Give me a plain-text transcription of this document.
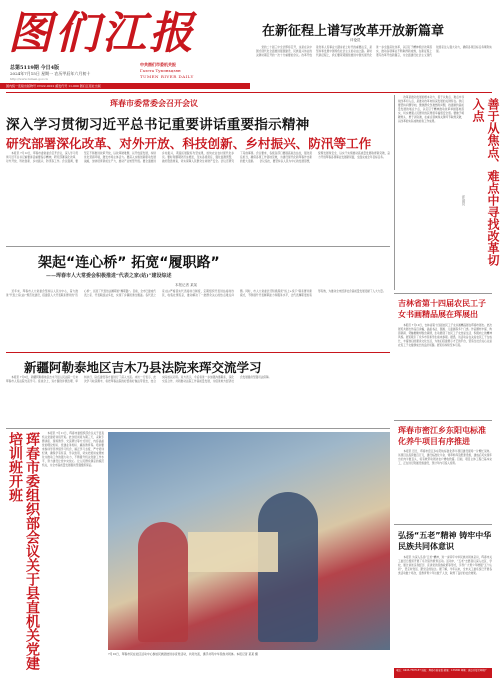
图们江报
总第5119期 今日4版
2024年7月15日 星期一 农历甲辰年六月初十
中共图们市委机关报
Газета Тумэньцзян
TUMEN RIVER DAILY
http://www.tumen.gov.cn
国内统一连续出版物号 CN22-0012 邮发代号 11-000 图们江报社出版
在新征程上谱写改革开放新篇章
评论员
　　党的二十届三中全会即将召开，这是在以中国式现代化全面推进强国建设、民族复兴伟业的关键时期召开的一次十分重要的会议。改革开放是党和人民事业大踏步赶上时代的重要法宝，是坚持和发展中国特色社会主义的必由之路。新时代新征程上，我们要紧紧围绕推进中国式现代化进一步全面深化改革，以钉钉子精神抓好改革落实，推动各项事业不断取得新成效，在新征程上谱写改革开放新篇章，为全面建设社会主义现代化国家注入强大动力，确保各项目标任务顺利实现。
珲春市委常委会召开会议
深入学习贯彻习近平总书记重要讲话重要指示精神
研究部署深化改革、对外开放、科技创新、乡村振兴、防汛等工作
　　本报讯 7月12日，珲春市委常委会召开会议，深入学习贯彻习近平总书记重要讲话重要指示精神，研究部署深化改革、对外开放、科技创新、乡村振兴、防汛等工作。会议强调，要坚定不移推进改革开放，以改革破难题、以开放促发展，持续优化营商环境，激发市场主体活力。要深入实施创新驱动发展战略，加快培育新质生产力，推动产业转型升级。要全面推进乡村振兴，巩固拓展脱贫攻坚成果，加快农业农村现代化步伐。要时刻绷紧防汛这根弦，压实各级责任，强化监测预警，做好隐患排查，切实保障人民群众生命财产安全。会议还研究了其他事项。会议要求，各级各部门要提高政治站位，强化责任担当，确保各项工作落地见效，为建设现代化新珲春作出新的更大贡献。　　会议指出，要坚持以人民为中心的发展思想，统筹发展和安全，以实干实绩推动高质量发展取得新突破，奋力开创珲春各项事业发展新局面，全面完成全年目标任务。
　　改革是推动发展的根本动力，善于从焦点、难点中寻找改革切入点，是推动改革向纵深发展的关键所在。我们要坚持问题导向，聚焦群众急难愁盼问题，找准制约高质量发展的堵点卡点，以钉钉子精神推动改革举措落地落实，切实增强人民群众的获得感幸福感安全感。要敢于啃硬骨头、勇于涉险滩，在重点领域和关键环节取得突破，以改革的实际成效检验工作成果。	善于从焦点、难点中寻找改革切入点
评论员
架起“连心桥” 拓宽“履职路”
——珲春市人大常委会积极推进“代表之家(站)”建设综述
本报记者 某某
　　近年来，珲春市人大常委会坚持以人民为中心，着力推进“代表之家(站)”规范化建设，搭建起人大代表联系群众的“连心桥”，拓宽了代表依法履职的“履职路”。目前，全市已建成代表之家、代表联络站多处，实现了乡镇街道全覆盖。各代表之家(站)严格落实代表接待日制度，定期组织代表进站接待选民，收集社情民意，推动解决了一批群众关心的热点难点问题。同时，市人大常委会还积极探索“线上+线下”联系群众新模式，不断提升代表履职能力和服务水平，让代表履职更加有形有效，为推动全市经济社会高质量发展贡献了人大力量。
吉林省第十四届农民工子女书画精品展在珲展出
　　本报讯 7月10日，吉林省第十四届农民工子女书画精品展在珲春市展出。此次展览共展出作品百余幅，涵盖书法、国画、儿童画等多个门类。作品题材丰富、构思新颖、笔触稚嫩却饱含真情，生动展现了农民工子女热爱生活、积极向上的精神风貌。展览吸引了众多市民和学生前来参观。据悉，该活动旨在关爱农民工子女成长，丰富他们的课余文化生活，为他们搭建展示才艺的平台，营造全社会关心关爱农民工子女健康成长的良好氛围。展览将持续至本月底。
新疆阿勒泰地区吉木乃县法院来珲交流学习
　　本报讯 7月9日，新疆阿勒泰地区吉木乃县人民法院一行来珲春市人民法院交流学习。座谈会上，双方围绕诉源治理、审判执行、队伍建设等方面进行了深入交流。来访一行表示，此次学习收获颇丰，将把珲春法院的好经验好做法带回去，结合实际加以运用。双方表示，今后将进一步加强沟通联系，深化交流合作，共同推动法院工作高质量发展，为促进地方经济社会发展提供坚强司法保障。
珲春市委组织部会议关于县直机关党建培训班开班	　　本报讯 7月11日，珲春市委组织部会议关于县直机关党建培训班开班。此次培训班为期三天，采取专题讲座、现场教学、交流研讨等方式进行，内容涵盖党的理论知识、党建业务知识、廉政教育等。培训要求参训学员珍惜学习机会，端正学习态度，严守培训纪律，确保学有所获、学以致用，切实把培训成果转化为推动工作的强大动力，不断提升机关党建工作水平，努力建设让党中央放心、让人民群众满意的模范机关，为全市高质量发展提供坚强组织保证。
7月10日，珲春市民在社区活动中心参加民族团结进步宣传活动，共同交流，携手共筑中华民族共同体。本报记者 某某 摄
珲春市密江乡东阳屯标准化养牛项目有序推进
　　本报讯 近日，珲春市密江乡东阳屯标准化养牛项目建设现场一片繁忙景象。该项目总投资数百万元，建设标准化牛舍、饲草料库及配套设施，建成后可实现年出栏肉牛数百头，将有效带动周边农户增收致富。目前，项目主体工程已基本完工，正在进行附属设施建设，预计年内可投入使用。
弘扬“五老”精神 铸牢中华民族共同体意识
　　本报讯 为深入弘扬“五老”精神，进一步铸牢中华民族共同体意识，珲春市关工委近日组织开展了系列宣传教育活动。活动中，“五老”志愿者们深入社区、学校，通过讲述亲身经历、宣讲党的民族政策等形式，引导广大青少年增强“五个认同”，坚定听党话、跟党走的信念。据了解，今年以来，全市关工委系统已开展各类活动数十场次，受教育青少年达数千人次，取得了良好的社会效果。
电话：0433-7507187 地址：珲春市新安街 邮编：133300 印刷：延边日报社印刷厂
